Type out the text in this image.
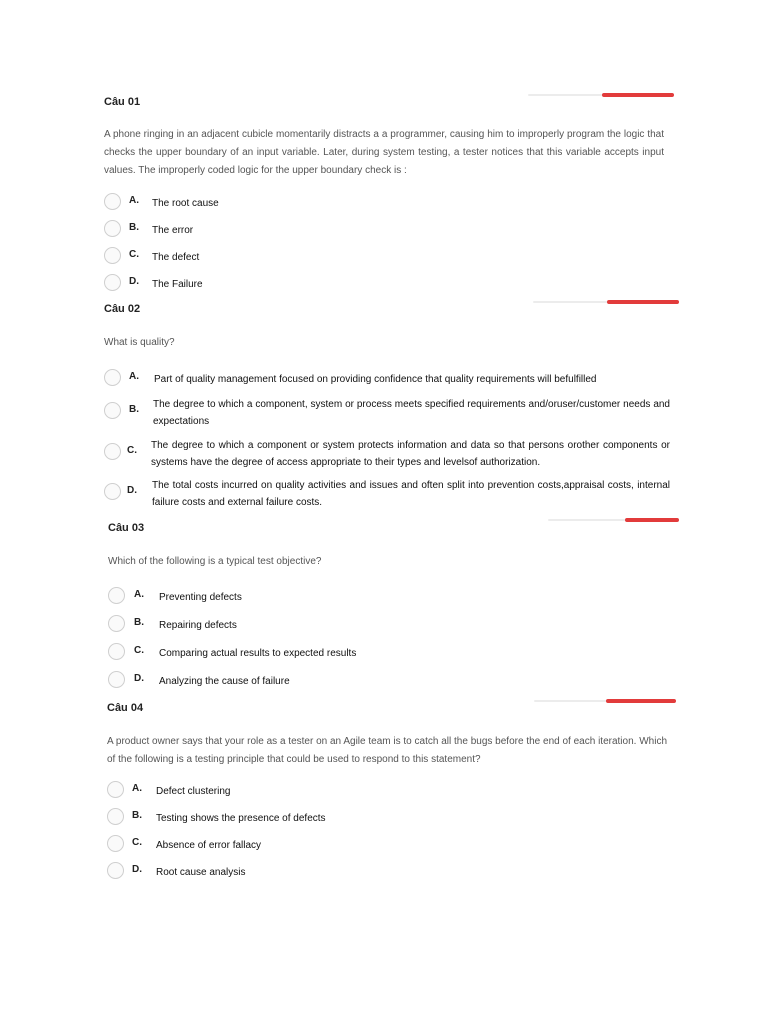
Câu 01
A phone ringing in an adjacent cubicle momentarily distracts a a programmer, causing him to improperly program the logic that checks the upper boundary of an input variable. Later, during system testing, a tester notices that this variable accepts input values. The improperly coded logic for the upper boundary check is :
A. The root cause
B. The error
C. The defect
D. The Failure
Câu 02
What is quality?
A. Part of quality management focused on providing confidence that quality requirements will befulfilled
B. The degree to which a component, system or process meets specified requirements and/oruser/customer needs and expectations
C. The degree to which a component or system protects information and data so that persons orother components or systems have the degree of access appropriate to their types and levelsof authorization.
D. The total costs incurred on quality activities and issues and often split into prevention costs,appraisal costs, internal failure costs and external failure costs.
Câu 03
Which of the following is a typical test objective?
A. Preventing defects
B. Repairing defects
C. Comparing actual results to expected results
D. Analyzing the cause of failure
Câu 04
A product owner says that your role as a tester on an Agile team is to catch all the bugs before the end of each iteration. Which of the following is a testing principle that could be used to respond to this statement?
A. Defect clustering
B. Testing shows the presence of defects
C. Absence of error fallacy
D. Root cause analysis
